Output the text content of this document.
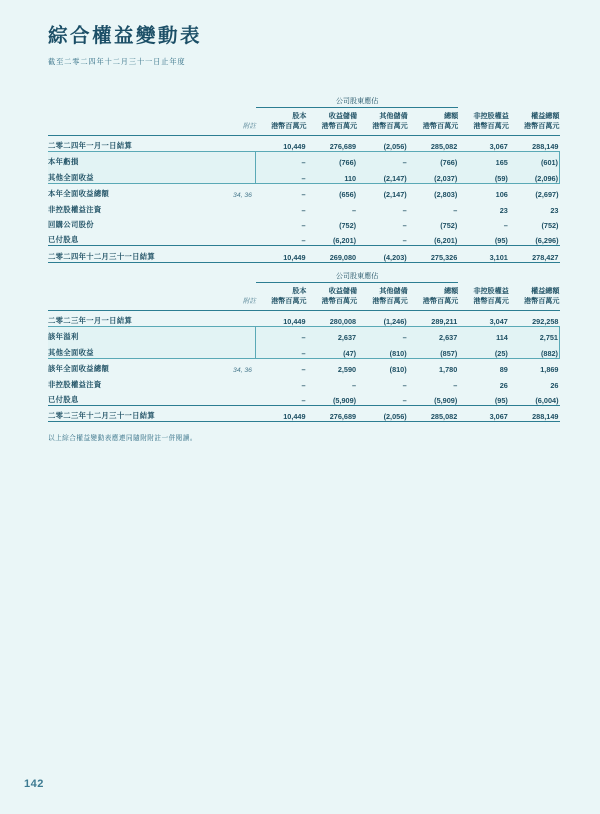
綜合權益變動表

截至二零二四年十二月三十一日止年度

		公司股東應佔					
		股本	收益儲備	其他儲備	總額	非控股權益	權益總額
	附註	港幣百萬元	港幣百萬元	港幣百萬元	港幣百萬元	港幣百萬元	港幣百萬元
二零二四年一月一日結算		10,449	276,689	(2,056)	285,082	3,067	288,149
本年虧損		–	(766)	–	(766)	165	(601)
其他全面收益		–	110	(2,147)	(2,037)	(59)	(2,096)
本年全面收益總額	34, 36	–	(656)	(2,147)	(2,803)	106	(2,697)
非控股權益注資		–	–	–	–	23	23
回購公司股份		–	(752)	–	(752)	–	(752)
已付股息		–	(6,201)	–	(6,201)	(95)	(6,296)
二零二四年十二月三十一日結算		10,449	269,080	(4,203)	275,326	3,101	278,427
		公司股東應佔					
		股本	收益儲備	其他儲備	總額	非控股權益	權益總額
	附註	港幣百萬元	港幣百萬元	港幣百萬元	港幣百萬元	港幣百萬元	港幣百萬元
二零二三年一月一日結算		10,449	280,008	(1,246)	289,211	3,047	292,258
該年溢利		–	2,637	–	2,637	114	2,751
其他全面收益		–	(47)	(810)	(857)	(25)	(882)
該年全面收益總額	34, 36	–	2,590	(810)	1,780	89	1,869
非控股權益注資		–	–	–	–	26	26
已付股息		–	(5,909)	–	(5,909)	(95)	(6,004)
二零二三年十二月三十一日結算		10,449	276,689	(2,056)	285,082	3,067	288,149
以上綜合權益變動表應連同隨附附註一併閱讀。
142
